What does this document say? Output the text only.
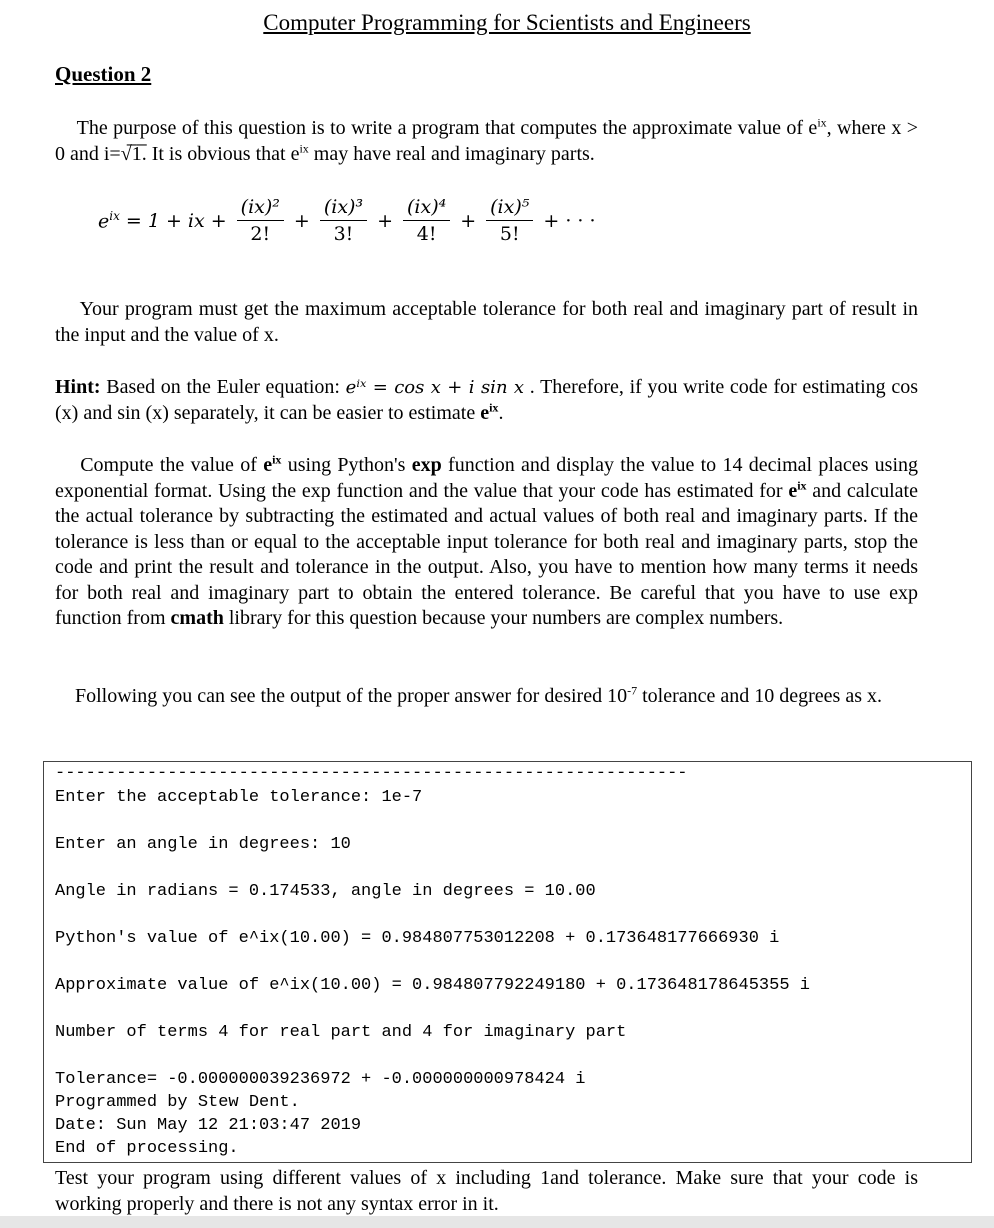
Computer Programming for Scientists and Engineers
Question 2
The purpose of this question is to write a program that computes the approximate value of $e^{ix}$, where x > 0 and i=√̅1̅. It is obvious that $e^{ix}$ may have real and imaginary parts.
$e^{ix} = 1$ + ix + $\frac{\text{(ix)²}}{2!} + \frac{\text{(ix)³}}{3!} + \frac{\text{(ix)⁴}}{4!} + \frac{\text{(ix)⁵}}{5!}$ + · · ·
Your program must get the maximum acceptable tolerance for both real and imaginary part of result in the input and the value of x.
Hint: Based on the Euler equation: eⁱˣ = cos x + i sin x . Therefore, if you write code for estimating cos (x) and sin (x) separately, it can be easier to estimate $e^{ix}$.
Compute the value of $e^{ix}$ using Python's exp function and display the value to 14 decimal places using exponential format. Using the exp function and the value that your code has estimated for $e^{ix}$ and calculate the actual tolerance by subtracting the estimated and actual values of both real and imaginary parts. If the tolerance is less than or equal to the acceptable input tolerance for both real and imaginary parts, stop the code and print the result and tolerance in the output. Also, you have to mention how many terms it needs for both real and imaginary part to obtain the entered tolerance. Be careful that you have to use exp function from cmath library for this question because your numbers are complex numbers.
Following you can see the output of the proper answer for desired $10^{-7}$ tolerance and 10 degrees as x.
--------------------------------------------------------------
Enter the acceptable tolerance: 1e-7
Enter an angle in degrees: 10
Angle in radians = 0.174533, angle in degrees = 10.00
Python's value of e^ix(10.00) = 0.984807753012208 + 0.173648177666930 i
Approximate value of e^ix(10.00) = 0.984807792249180 + 0.173648178645355 i
Number of terms 4 for real part and 4 for imaginary part
Tolerance= -0.000000039236972 + -0.000000000978424 i
Programmed by Stew Dent.
Date: Sun May 12 21:03:47 2019
End of processing.
Test your program using different values of x including 1and tolerance. Make sure that your code is working properly and there is not any syntax error in it.
